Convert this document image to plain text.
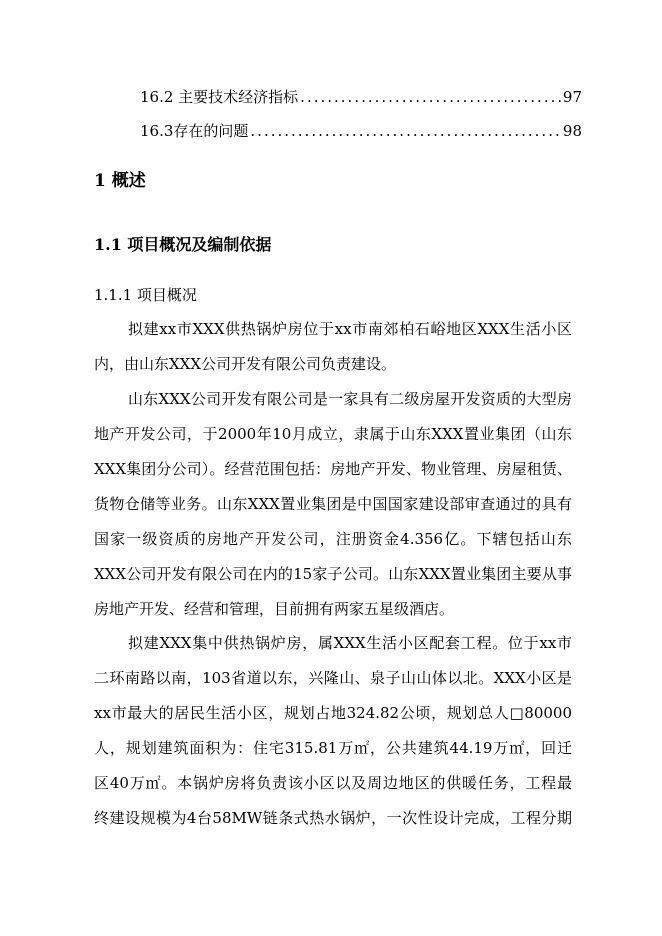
16.2 主要技术经济指标 .....	97
16.3存在的问题 .....	98
1 概述
1.1 项目概况及编制依据
1.1.1 项目概况
拟建xx市XXX供热锅炉房位于xx市南郊柏石峪地区XXX生活小区
内，由山东XXX公司开发有限公司负责建设。
山东XXX公司开发有限公司是一家具有二级房屋开发资质的大型房
地产开发公司，于2000年10月成立，隶属于山东XXX置业集团（山东
XXX集团分公司）。经营范围包括：房地产开发、物业管理、房屋租赁、
货物仓储等业务。山东XXX置业集团是中国国家建设部审查通过的具有
国家一级资质的房地产开发公司，注册资金4.356亿。下辖包括山东
XXX公司开发有限公司在内的15家子公司。山东XXX置业集团主要从事
房地产开发、经营和管理，目前拥有两家五星级酒店。
拟建XXX集中供热锅炉房，属XXX生活小区配套工程。位于xx市
二环南路以南，103省道以东，兴隆山、泉子山山体以北。XXX小区是
xx市最大的居民生活小区，规划占地324.82公顷，规划总人□80000
人，规划建筑面积为：住宅315.81万㎡，公共建筑44.19万㎡，回迁
区40万㎡。本锅炉房将负责该小区以及周边地区的供暖任务，工程最
终建设规模为4台58MW链条式热水锅炉，一次性设计完成，工程分期
